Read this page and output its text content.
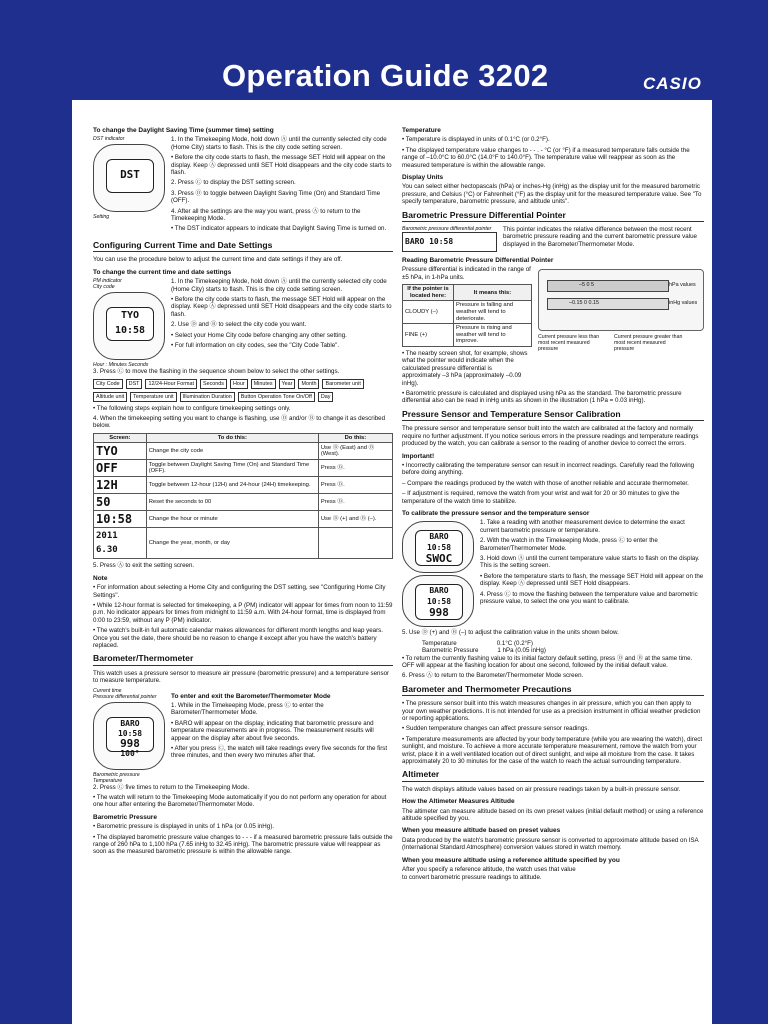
Operation Guide 3202	CASIO
To change the Daylight Saving Time (summer time) setting
DST indicator
DST
Setting

1. In the Timekeeping Mode, hold down Ⓐ until the currently selected city code (Home City) starts to flash. This is the city code setting screen.

• Before the city code starts to flash, the message SET Hold will appear on the display. Keep Ⓐ depressed until SET Hold disappears and the city code starts to flash.

2. Press Ⓒ to display the DST setting screen.

3. Press Ⓓ to toggle between Daylight Saving Time (On) and Standard Time (OFF).

4. After all the settings are the way you want, press Ⓐ to return to the Timekeeping Mode.

• The DST indicator appears to indicate that Daylight Saving Time is turned on.

Configuring Current Time and Date Settings

You can use the procedure below to adjust the current time and date settings if they are off.

To change the current time and date settings
PM indicator
City code
TYO
10:58
Hour : Minutes Seconds

1. In the Timekeeping Mode, hold down Ⓐ until the currently selected city code (Home City) starts to flash. This is the city code setting screen.

• Before the city code starts to flash, the message SET Hold will appear on the display. Keep Ⓐ depressed until SET Hold disappears and the city code starts to flash.

2. Use Ⓓ and Ⓑ to select the city code you want.

• Select your Home City code before changing any other setting.

• For full information on city codes, see the "City Code Table".

3. Press Ⓒ to move the flashing in the sequence shown below to select the other settings.

City Code	DST	12/24-Hour Format	Seconds	Hour	Minutes	Year	Month	Barometer unit
Altitude unit	Temperature unit	Illumination Duration	Button Operation Tone On/Off	Day

• The following steps explain how to configure timekeeping settings only.

4. When the timekeeping setting you want to change is flashing, use Ⓓ and/or Ⓑ to change it as described below.

Screen:	To do this:	Do this:
TYO	Change the city code	Use Ⓓ (East) and Ⓑ (West).
OFF	Toggle between Daylight Saving Time (On) and Standard Time (OFF).	Press Ⓓ.
12H	Toggle between 12-hour (12H) and 24-hour (24H) timekeeping.	Press Ⓓ.
50	Reset the seconds to 00	Press Ⓓ.
10:58	Change the hour or minute	Use Ⓓ (+) and Ⓑ (–).
2011 6.30	Change the year, month, or day	

5. Press Ⓐ to exit the setting screen.

Note

• For information about selecting a Home City and configuring the DST setting, see "Configuring Home City Settings".

• While 12-hour format is selected for timekeeping, a P (PM) indicator will appear for times from noon to 11:59 p.m. No indicator appears for times from midnight to 11:59 a.m. With 24-hour format, time is displayed from 0:00 to 23:59, without any P (PM) indicator.

• The watch's built-in full automatic calendar makes allowances for different month lengths and leap years. Once you set the date, there should be no reason to change it except after you have the watch's battery replaced.

Barometer/Thermometer

This watch uses a pressure sensor to measure air pressure (barometric pressure) and a temperature sensor to measure temperature.

Current time
Pressure differential pointer
BARO 10:58
998
100°
Barometric pressure
Temperature
To enter and exit the Barometer/Thermometer Mode

1. While in the Timekeeping Mode, press Ⓒ to enter the Barometer/Thermometer Mode.

• BARO will appear on the display, indicating that barometric pressure and temperature measurements are in progress. The measurement results will appear on the display after about five seconds.

• After you press Ⓒ, the watch will take readings every five seconds for the first three minutes, and then every two minutes after that.

2. Press Ⓒ five times to return to the Timekeeping Mode.

• The watch will return to the Timekeeping Mode automatically if you do not perform any operation for about one hour after entering the Barometer/Thermometer Mode.

Barometric Pressure

• Barometric pressure is displayed in units of 1 hPa (or 0.05 inHg).

• The displayed barometric pressure value changes to - - - if a measured barometric pressure falls outside the range of 260 hPa to 1,100 hPa (7.65 inHg to 32.45 inHg). The barometric pressure value will reappear as soon as the measured barometric pressure is within the allowable range.

Temperature

• Temperature is displayed in units of 0.1°C (or 0.2°F).

• The displayed temperature value changes to - - . - °C (or °F) if a measured temperature falls outside the range of –10.0°C to 60.0°C (14.0°F to 140.0°F). The temperature value will reappear as soon as the measured temperature is within the allowable range.

Display Units

You can select either hectopascals (hPa) or inches-Hg (inHg) as the display unit for the measured barometric pressure, and Celsius (°C) or Fahrenheit (°F) as the display unit for the measured temperature value. See "To specify temperature, barometric pressure, and altitude units".

Barometric Pressure Differential Pointer
Barometric pressure differential pointer
BARO 10:58

This pointer indicates the relative difference between the most recent barometric pressure reading and the current barometric pressure value displayed in the Barometer/Thermometer Mode.

Reading Barometric Pressure Differential Pointer

Pressure differential is indicated in the range of ±5 hPa, in 1-hPa units.

If the pointer is located here:	It means this:
CLOUDY (–)	Pressure is falling and weather will tend to deteriorate.
FINE (+)	Pressure is rising and weather will tend to improve.

• The nearby screen shot, for example, shows what the pointer would indicate when the calculated pressure differential is approximately –3 hPa (approximately –0.09 inHg).

hPa values
–5 0 5
inHg values
–0.15 0 0.15
Current pressure less than most recent measured pressure
Current pressure greater than most recent measured pressure

• Barometric pressure is calculated and displayed using hPa as the standard. The barometric pressure differential also can be read in inHg units as shown in the illustration (1 hPa = 0.03 inHg).

Pressure Sensor and Temperature Sensor Calibration

The pressure sensor and temperature sensor built into the watch are calibrated at the factory and normally require no further adjustment. If you notice serious errors in the pressure readings and temperature readings produced by the watch, you can calibrate a sensor to the reading of another device to correct the errors.

Important!

• Incorrectly calibrating the temperature sensor can result in incorrect readings. Carefully read the following before doing anything.

– Compare the readings produced by the watch with those of another reliable and accurate thermometer.

– If adjustment is required, remove the watch from your wrist and wait for 20 or 30 minutes to give the temperature of the watch time to stabilize.

To calibrate the pressure sensor and the temperature sensor
BARO 10:58
SWOC
BARO 10:58
998

1. Take a reading with another measurement device to determine the exact current barometric pressure or temperature.

2. With the watch in the Timekeeping Mode, press Ⓒ to enter the Barometer/Thermometer Mode.

3. Hold down Ⓐ until the current temperature value starts to flash on the display. This is the setting screen.

• Before the temperature starts to flash, the message SET Hold will appear on the display. Keep Ⓐ depressed until SET Hold disappears.

4. Press Ⓒ to move the flashing between the temperature value and barometric pressure value, to select the one you want to calibrate.

5. Use Ⓓ (+) and Ⓑ (–) to adjust the calibration value in the units shown below.

Temperature	0.1°C (0.2°F)
Barometric Pressure	1 hPa (0.05 inHg)

• To return the currently flashing value to its initial factory default setting, press Ⓓ and Ⓑ at the same time. OFF will appear at the flashing location for about one second, followed by the initial default value.

6. Press Ⓐ to return to the Barometer/Thermometer Mode screen.

Barometer and Thermometer Precautions

• The pressure sensor built into this watch measures changes in air pressure, which you can then apply to your own weather predictions. It is not intended for use as a precision instrument in official weather prediction or reporting applications.

• Sudden temperature changes can affect pressure sensor readings.

• Temperature measurements are affected by your body temperature (while you are wearing the watch), direct sunlight, and moisture. To achieve a more accurate temperature measurement, remove the watch from your wrist, place it in a well ventilated location out of direct sunlight, and wipe all moisture from the case. It takes approximately 20 to 30 minutes for the case of the watch to reach the actual surrounding temperature.

Altimeter

The watch displays altitude values based on air pressure readings taken by a built-in pressure sensor.

How the Altimeter Measures Altitude

The altimeter can measure altitude based on its own preset values (initial default method) or using a reference altitude specified by you.

When you measure altitude based on preset values

Data produced by the watch's barometric pressure sensor is converted to approximate altitude based on ISA (International Standard Atmosphere) conversion values stored in watch memory.

When you measure altitude using a reference altitude specified by you

After you specify a reference altitude, the watch uses that value to convert barometric pressure readings to altitude.
